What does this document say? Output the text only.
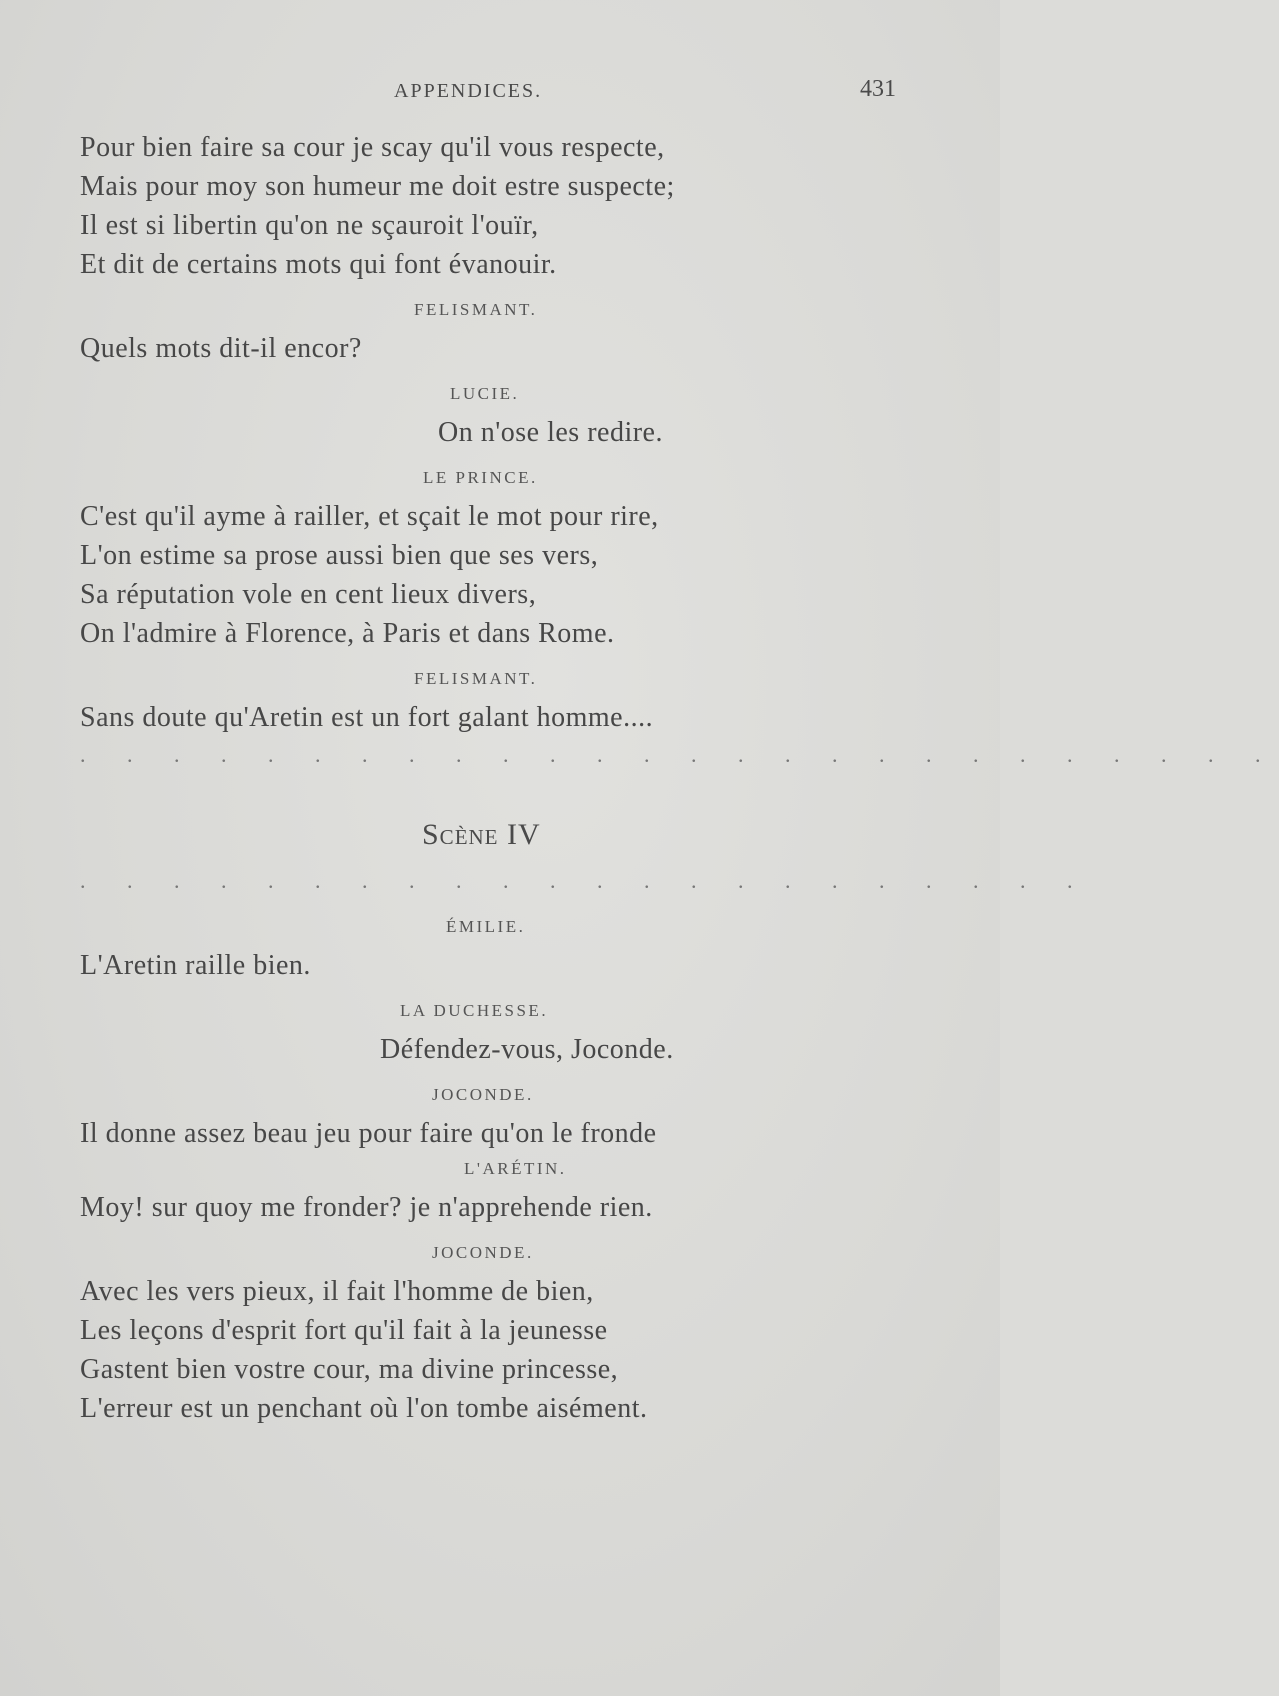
APPENDICES.	431
Pour bien faire sa cour je scay qu'il vous respecte,
Mais pour moy son humeur me doit estre suspecte;
Il est si libertin qu'on ne sçauroit l'ouïr,
Et dit de certains mots qui font évanouir.
FELISMANT.
Quels mots dit-il encor?
LUCIE.
On n'ose les redire.
LE PRINCE.
C'est qu'il ayme à railler, et sçait le mot pour rire,
L'on estime sa prose aussi bien que ses vers,
Sa réputation vole en cent lieux divers,
On l'admire à Florence, à Paris et dans Rome.
FELISMANT.
Sans doute qu'Aretin est un fort galant homme....
. . . . . . . . . . . . . . . . . . . . . . . . . .
Scène IV
. . . . . . . . . . . . . . . . . . . . . .
ÉMILIE.
L'Aretin raille bien.
LA DUCHESSE.
Défendez-vous, Joconde.
JOCONDE.
Il donne assez beau jeu pour faire qu'on le fronde
L'ARÉTIN.
Moy! sur quoy me fronder? je n'apprehende rien.
JOCONDE.
Avec les vers pieux, il fait l'homme de bien,
Les leçons d'esprit fort qu'il fait à la jeunesse
Gastent bien vostre cour, ma divine princesse,
L'erreur est un penchant où l'on tombe aisément.
